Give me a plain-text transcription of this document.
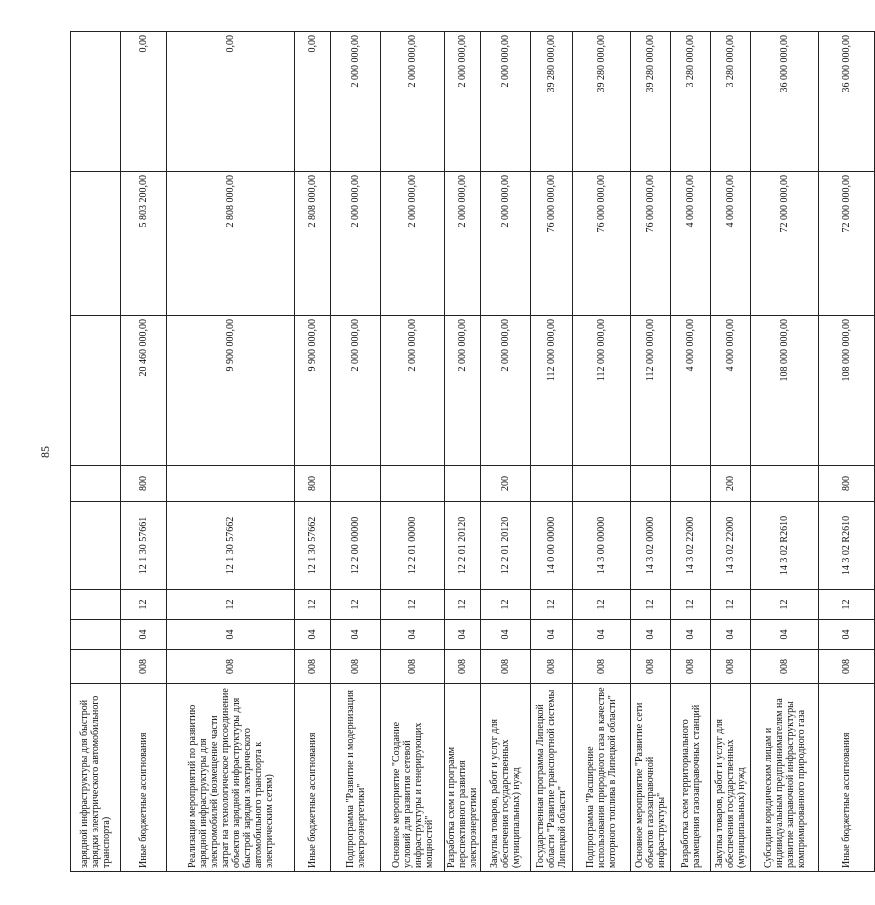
85
зарядной инфраструктуры для быстрой зарядки электрического автомобильного транспорта)								
Иные бюджетные ассигнования	008	04	12	12 1 30 57661	800	20 460 000,00	5 803 200,00	0,00
Реализация мероприятий по развитию зарядной инфраструктуры для электромобилей (возмещение части затрат на технологическое присоединение объектов зарядной инфраструктуры для быстрой зарядки электрического автомобильного транспорта к электрическим сетям)	008	04	12	12 1 30 57662		9 900 000,00	2 808 000,00	0,00
Иные бюджетные ассигнования	008	04	12	12 1 30 57662	800	9 900 000,00	2 808 000,00	0,00
Подпрограмма "Развитие и модернизация электроэнергетики"	008	04	12	12 2 00 00000		2 000 000,00	2 000 000,00	2 000 000,00
Основное мероприятие "Создание условий для развития сетевой инфраструктуры и генерирующих мощностей"	008	04	12	12 2 01 00000		2 000 000,00	2 000 000,00	2 000 000,00
Разработка схем и программ перспективного развития электроэнергетики	008	04	12	12 2 01 20120		2 000 000,00	2 000 000,00	2 000 000,00
Закупка товаров, работ и услуг для обеспечения государственных (муниципальных) нужд	008	04	12	12 2 01 20120	200	2 000 000,00	2 000 000,00	2 000 000,00
Государственная программа Липецкой области "Развитие транспортной системы Липецкой области"	008	04	12	14 0 00 00000		112 000 000,00	76 000 000,00	39 280 000,00
Подпрограмма "Расширение использования природного газа в качестве моторного топлива в Липецкой области"	008	04	12	14 3 00 00000		112 000 000,00	76 000 000,00	39 280 000,00
Основное мероприятие "Развитие сети объектов газозаправочной инфраструктуры"	008	04	12	14 3 02 00000		112 000 000,00	76 000 000,00	39 280 000,00
Разработка схем территориального размещения газозаправочных станций	008	04	12	14 3 02 22000		4 000 000,00	4 000 000,00	3 280 000,00
Закупка товаров, работ и услуг для обеспечения государственных (муниципальных) нужд	008	04	12	14 3 02 22000	200	4 000 000,00	4 000 000,00	3 280 000,00
Субсидии юридическим лицам и индивидуальным предпринимателям на развитие заправочной инфраструктуры компримированного природного газа	008	04	12	14 3 02 R2610		108 000 000,00	72 000 000,00	36 000 000,00
Иные бюджетные ассигнования	008	04	12	14 3 02 R2610	800	108 000 000,00	72 000 000,00	36 000 000,00
